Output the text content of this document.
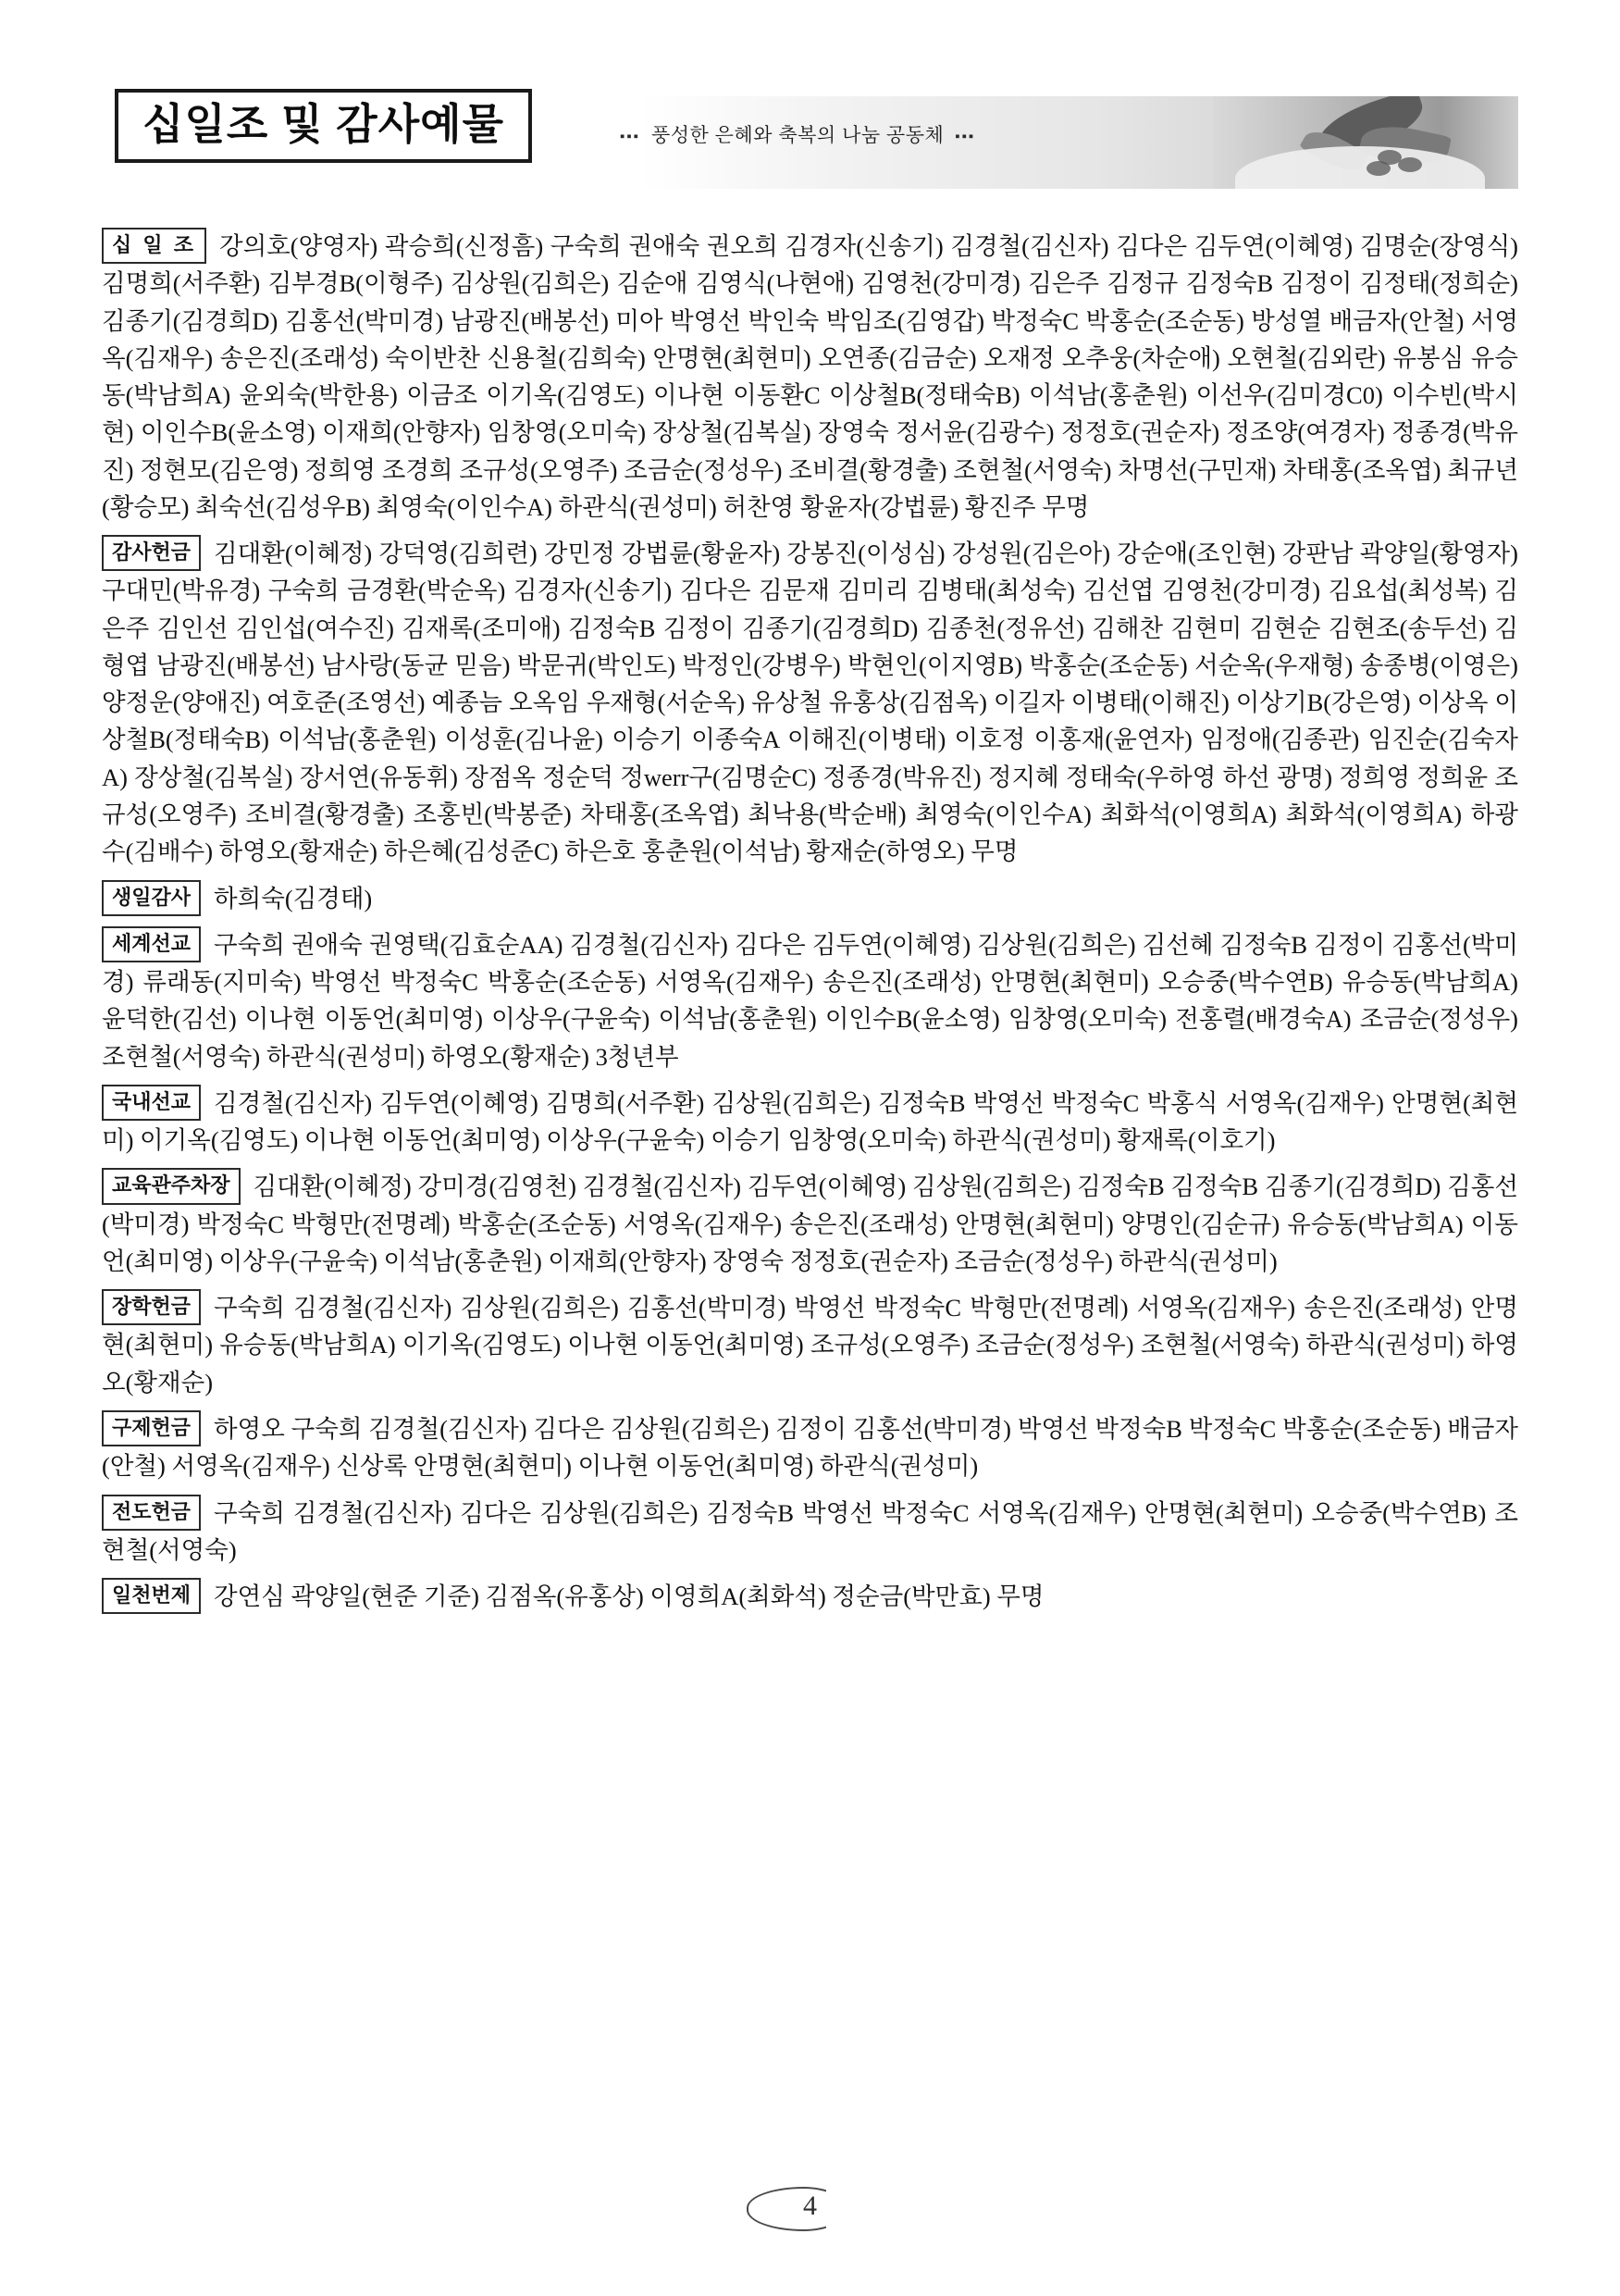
십일조 및 감사예물	▪▪▪ 풍성한 은혜와 축복의 나눔 공동체 ▪▪▪

십 일 조 강의호(양영자) 곽승희(신정흠) 구숙희 권애숙 권오희 김경자(신송기) 김경철(김신자) 김다은 김두연(이혜영) 김명순(장영식) 김명희(서주환) 김부경B(이형주) 김상원(김희은) 김순애 김영식(나현애) 김영천(강미경) 김은주 김정규 김정숙B 김정이 김정태(정희순) 김종기(김경희D) 김홍선(박미경) 남광진(배봉선) 미아 박영선 박인숙 박임조(김영갑) 박정숙C 박홍순(조순동) 방성열 배금자(안철) 서영옥(김재우) 송은진(조래성) 숙이반찬 신용철(김희숙) 안명현(최현미) 오연종(김금순) 오재정 오추웅(차순애) 오현철(김외란) 유봉심 유승동(박남희A) 윤외숙(박한용) 이금조 이기옥(김영도) 이나현 이동환C 이상철B(정태숙B) 이석남(홍춘원) 이선우(김미경C0) 이수빈(박시현) 이인수B(윤소영) 이재희(안향자) 임창영(오미숙) 장상철(김복실) 장영숙 정서윤(김광수) 정정호(권순자) 정조양(여경자) 정종경(박유진) 정현모(김은영) 정희영 조경희 조규성(오영주) 조금순(정성우) 조비결(황경출) 조현철(서영숙) 차명선(구민재) 차태홍(조옥엽) 최규년(황승모) 최숙선(김성우B) 최영숙(이인수A) 하관식(권성미) 허찬영 황윤자(강법륜) 황진주 무명

감사헌금 김대환(이혜정) 강덕영(김희련) 강민정 강법륜(황윤자) 강봉진(이성심) 강성원(김은아) 강순애(조인현) 강판남 곽양일(황영자) 구대민(박유경) 구숙희 금경환(박순옥) 김경자(신송기) 김다은 김문재 김미리 김병태(최성숙) 김선엽 김영천(강미경) 김요섭(최성복) 김은주 김인선 김인섭(여수진) 김재록(조미애) 김정숙B 김정이 김종기(김경희D) 김종천(정유선) 김해찬 김현미 김현순 김현조(송두선) 김형엽 남광진(배봉선) 남사랑(동균 믿음) 박문귀(박인도) 박정인(강병우) 박현인(이지영B) 박홍순(조순동) 서순옥(우재형) 송종병(이영은) 양정운(양애진) 여호준(조영선) 예종늠 오옥임 우재형(서순옥) 유상철 유홍상(김점옥) 이길자 이병태(이해진) 이상기B(강은영) 이상옥 이상철B(정태숙B) 이석남(홍춘원) 이성훈(김나윤) 이승기 이종숙A 이해진(이병태) 이호정 이홍재(윤연자) 임정애(김종관) 임진순(김숙자A) 장상철(김복실) 장서연(유동휘) 장점옥 정순덕 정werr구(김명순C) 정종경(박유진) 정지혜 정태숙(우하영 하선 광명) 정희영 정희윤 조규성(오영주) 조비결(황경출) 조홍빈(박봉준) 차태홍(조옥엽) 최낙용(박순배) 최영숙(이인수A) 최화석(이영희A) 최화석(이영희A) 하광수(김배수) 하영오(황재순) 하은혜(김성준C) 하은호 홍춘원(이석남) 황재순(하영오) 무명

생일감사 하희숙(김경태)

세계선교 구숙희 권애숙 권영택(김효순AA) 김경철(김신자) 김다은 김두연(이혜영) 김상원(김희은) 김선혜 김정숙B 김정이 김홍선(박미경) 류래동(지미숙) 박영선 박정숙C 박홍순(조순동) 서영옥(김재우) 송은진(조래성) 안명현(최현미) 오승중(박수연B) 유승동(박남희A) 윤덕한(김선) 이나현 이동언(최미영) 이상우(구윤숙) 이석남(홍춘원) 이인수B(윤소영) 임창영(오미숙) 전홍렬(배경숙A) 조금순(정성우) 조현철(서영숙) 하관식(권성미) 하영오(황재순) 3청년부

국내선교 김경철(김신자) 김두연(이혜영) 김명희(서주환) 김상원(김희은) 김정숙B 박영선 박정숙C 박홍식 서영옥(김재우) 안명현(최현미) 이기옥(김영도) 이나현 이동언(최미영) 이상우(구윤숙) 이승기 임창영(오미숙) 하관식(권성미) 황재록(이호기)

교육관주차장 김대환(이혜정) 강미경(김영천) 김경철(김신자) 김두연(이혜영) 김상원(김희은) 김정숙B 김정숙B 김종기(김경희D) 김홍선(박미경) 박정숙C 박형만(전명례) 박홍순(조순동) 서영옥(김재우) 송은진(조래성) 안명현(최현미) 양명인(김순규) 유승동(박남희A) 이동언(최미영) 이상우(구윤숙) 이석남(홍춘원) 이재희(안향자) 장영숙 정정호(권순자) 조금순(정성우) 하관식(권성미)

장학헌금 구숙희 김경철(김신자) 김상원(김희은) 김홍선(박미경) 박영선 박정숙C 박형만(전명례) 서영옥(김재우) 송은진(조래성) 안명현(최현미) 유승동(박남희A) 이기옥(김영도) 이나현 이동언(최미영) 조규성(오영주) 조금순(정성우) 조현철(서영숙) 하관식(권성미) 하영오(황재순)

구제헌금 하영오 구숙희 김경철(김신자) 김다은 김상원(김희은) 김정이 김홍선(박미경) 박영선 박정숙B 박정숙C 박홍순(조순동) 배금자(안철) 서영옥(김재우) 신상록 안명현(최현미) 이나현 이동언(최미영) 하관식(권성미)

전도헌금 구숙희 김경철(김신자) 김다은 김상원(김희은) 김정숙B 박영선 박정숙C 서영옥(김재우) 안명현(최현미) 오승중(박수연B) 조현철(서영숙)

일천번제 강연심 곽양일(현준 기준) 김점옥(유홍상) 이영희A(최화석) 정순금(박만효) 무명

4
